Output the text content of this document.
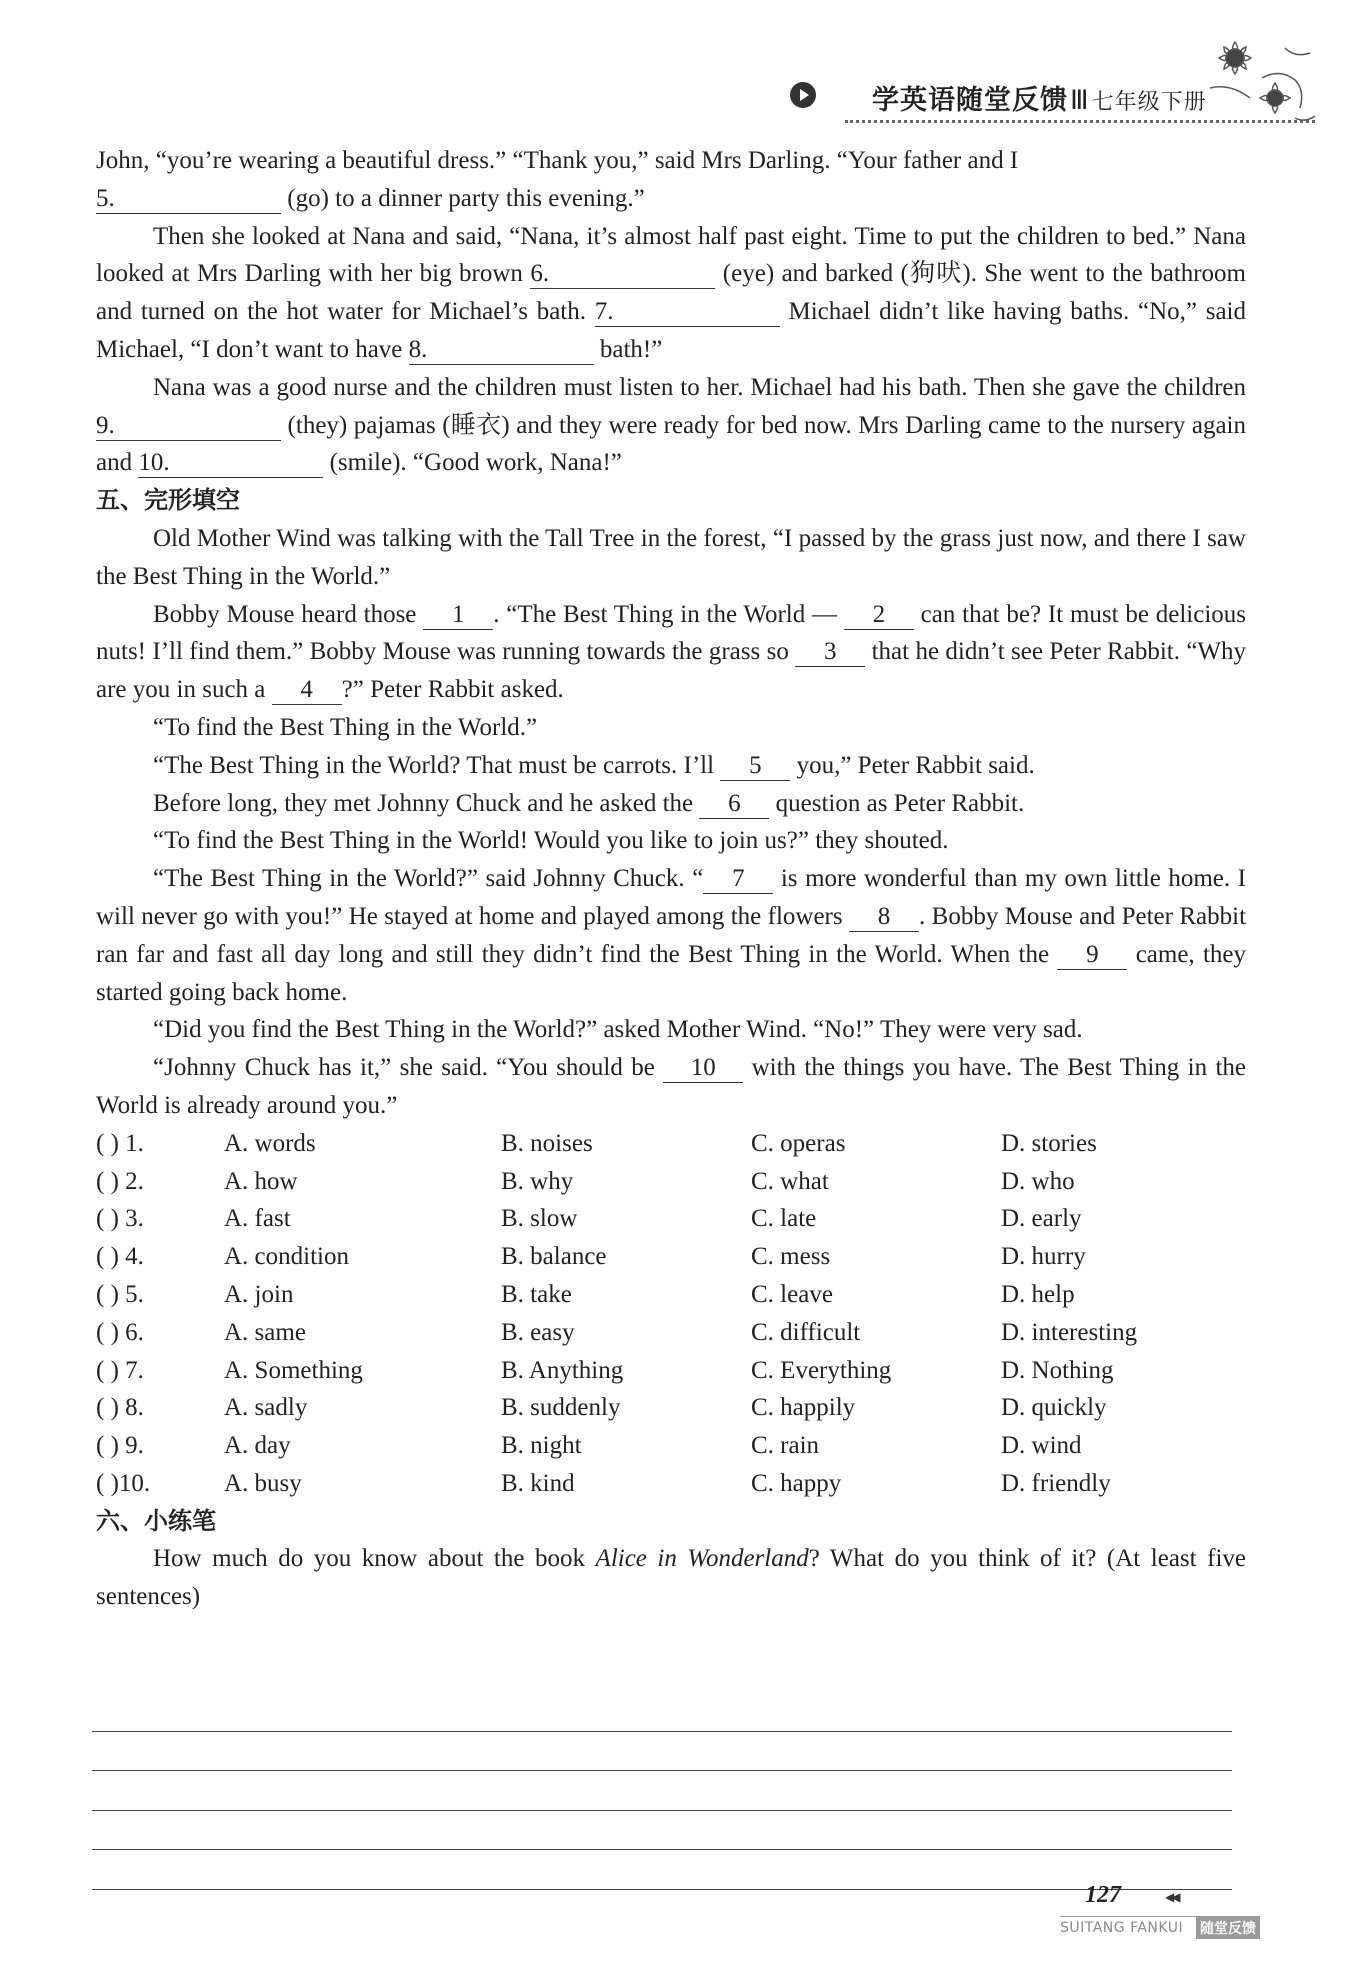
学英语随堂反馈Ⅲ七年级下册

John, “you’re wearing a beautiful dress.” “Thank you,” said Mrs Darling. “Your father and I

5.	(go) to a dinner party this evening.”

Then she looked at Nana and said, “Nana, it’s almost half past eight. Time to put the children to bed.” Nana looked at Mrs Darling with her big brown 6.	(eye) and barked (狗吠). She went to the bathroom and turned on the hot water for Michael’s bath. 7.	Michael didn’t like having baths. “No,” said Michael, “I don’t want to have 8.	bath!”

Nana was a good nurse and the children must listen to her. Michael had his bath. Then she gave the children 9.	(they) pajamas (睡衣) and they were ready for bed now. Mrs Darling came to the nursery again and 10.	(smile). “Good work, Nana!”

五、完形填空

Old Mother Wind was talking with the Tall Tree in the forest, “I passed by the grass just now, and there I saw the Best Thing in the World.”

Bobby Mouse heard those 1 . “The Best Thing in the World — 2 can that be? It must be delicious nuts! I’ll find them.” Bobby Mouse was running towards the grass so 3 that he didn’t see Peter Rabbit. “Why are you in such a 4 ?” Peter Rabbit asked.

“To find the Best Thing in the World.”

“The Best Thing in the World? That must be carrots. I’ll 5 you,” Peter Rabbit said.

Before long, they met Johnny Chuck and he asked the 6 question as Peter Rabbit.

“To find the Best Thing in the World! Would you like to join us?” they shouted.

“The Best Thing in the World?” said Johnny Chuck. “ 7 is more wonderful than my own little home. I will never go with you!” He stayed at home and played among the flowers 8 . Bobby Mouse and Peter Rabbit ran far and fast all day long and still they didn’t find the Best Thing in the World. When the 9 came, they started going back home.

“Did you find the Best Thing in the World?” asked Mother Wind. “No!” They were very sad.

“Johnny Chuck has it,” she said. “You should be 10 with the things you have. The Best Thing in the World is already around you.”

( ) 1.	A. words	B. noises	C. operas	D. stories
( ) 2.	A. how	B. why	C. what	D. who
( ) 3.	A. fast	B. slow	C. late	D. early
( ) 4.	A. condition	B. balance	C. mess	D. hurry
( ) 5.	A. join	B. take	C. leave	D. help
( ) 6.	A. same	B. easy	C. difficult	D. interesting
( ) 7.	A. Something	B. Anything	C. Everything	D. Nothing
( ) 8.	A. sadly	B. suddenly	C. happily	D. quickly
( ) 9.	A. day	B. night	C. rain	D. wind
( )10.	A. busy	B. kind	C. happy	D. friendly

六、小练笔

How much do you know about the book Alice in Wonderland? What do you think of it? (At least five sentences)

127	◀◀
SUITANG FANKUI 随堂反馈
